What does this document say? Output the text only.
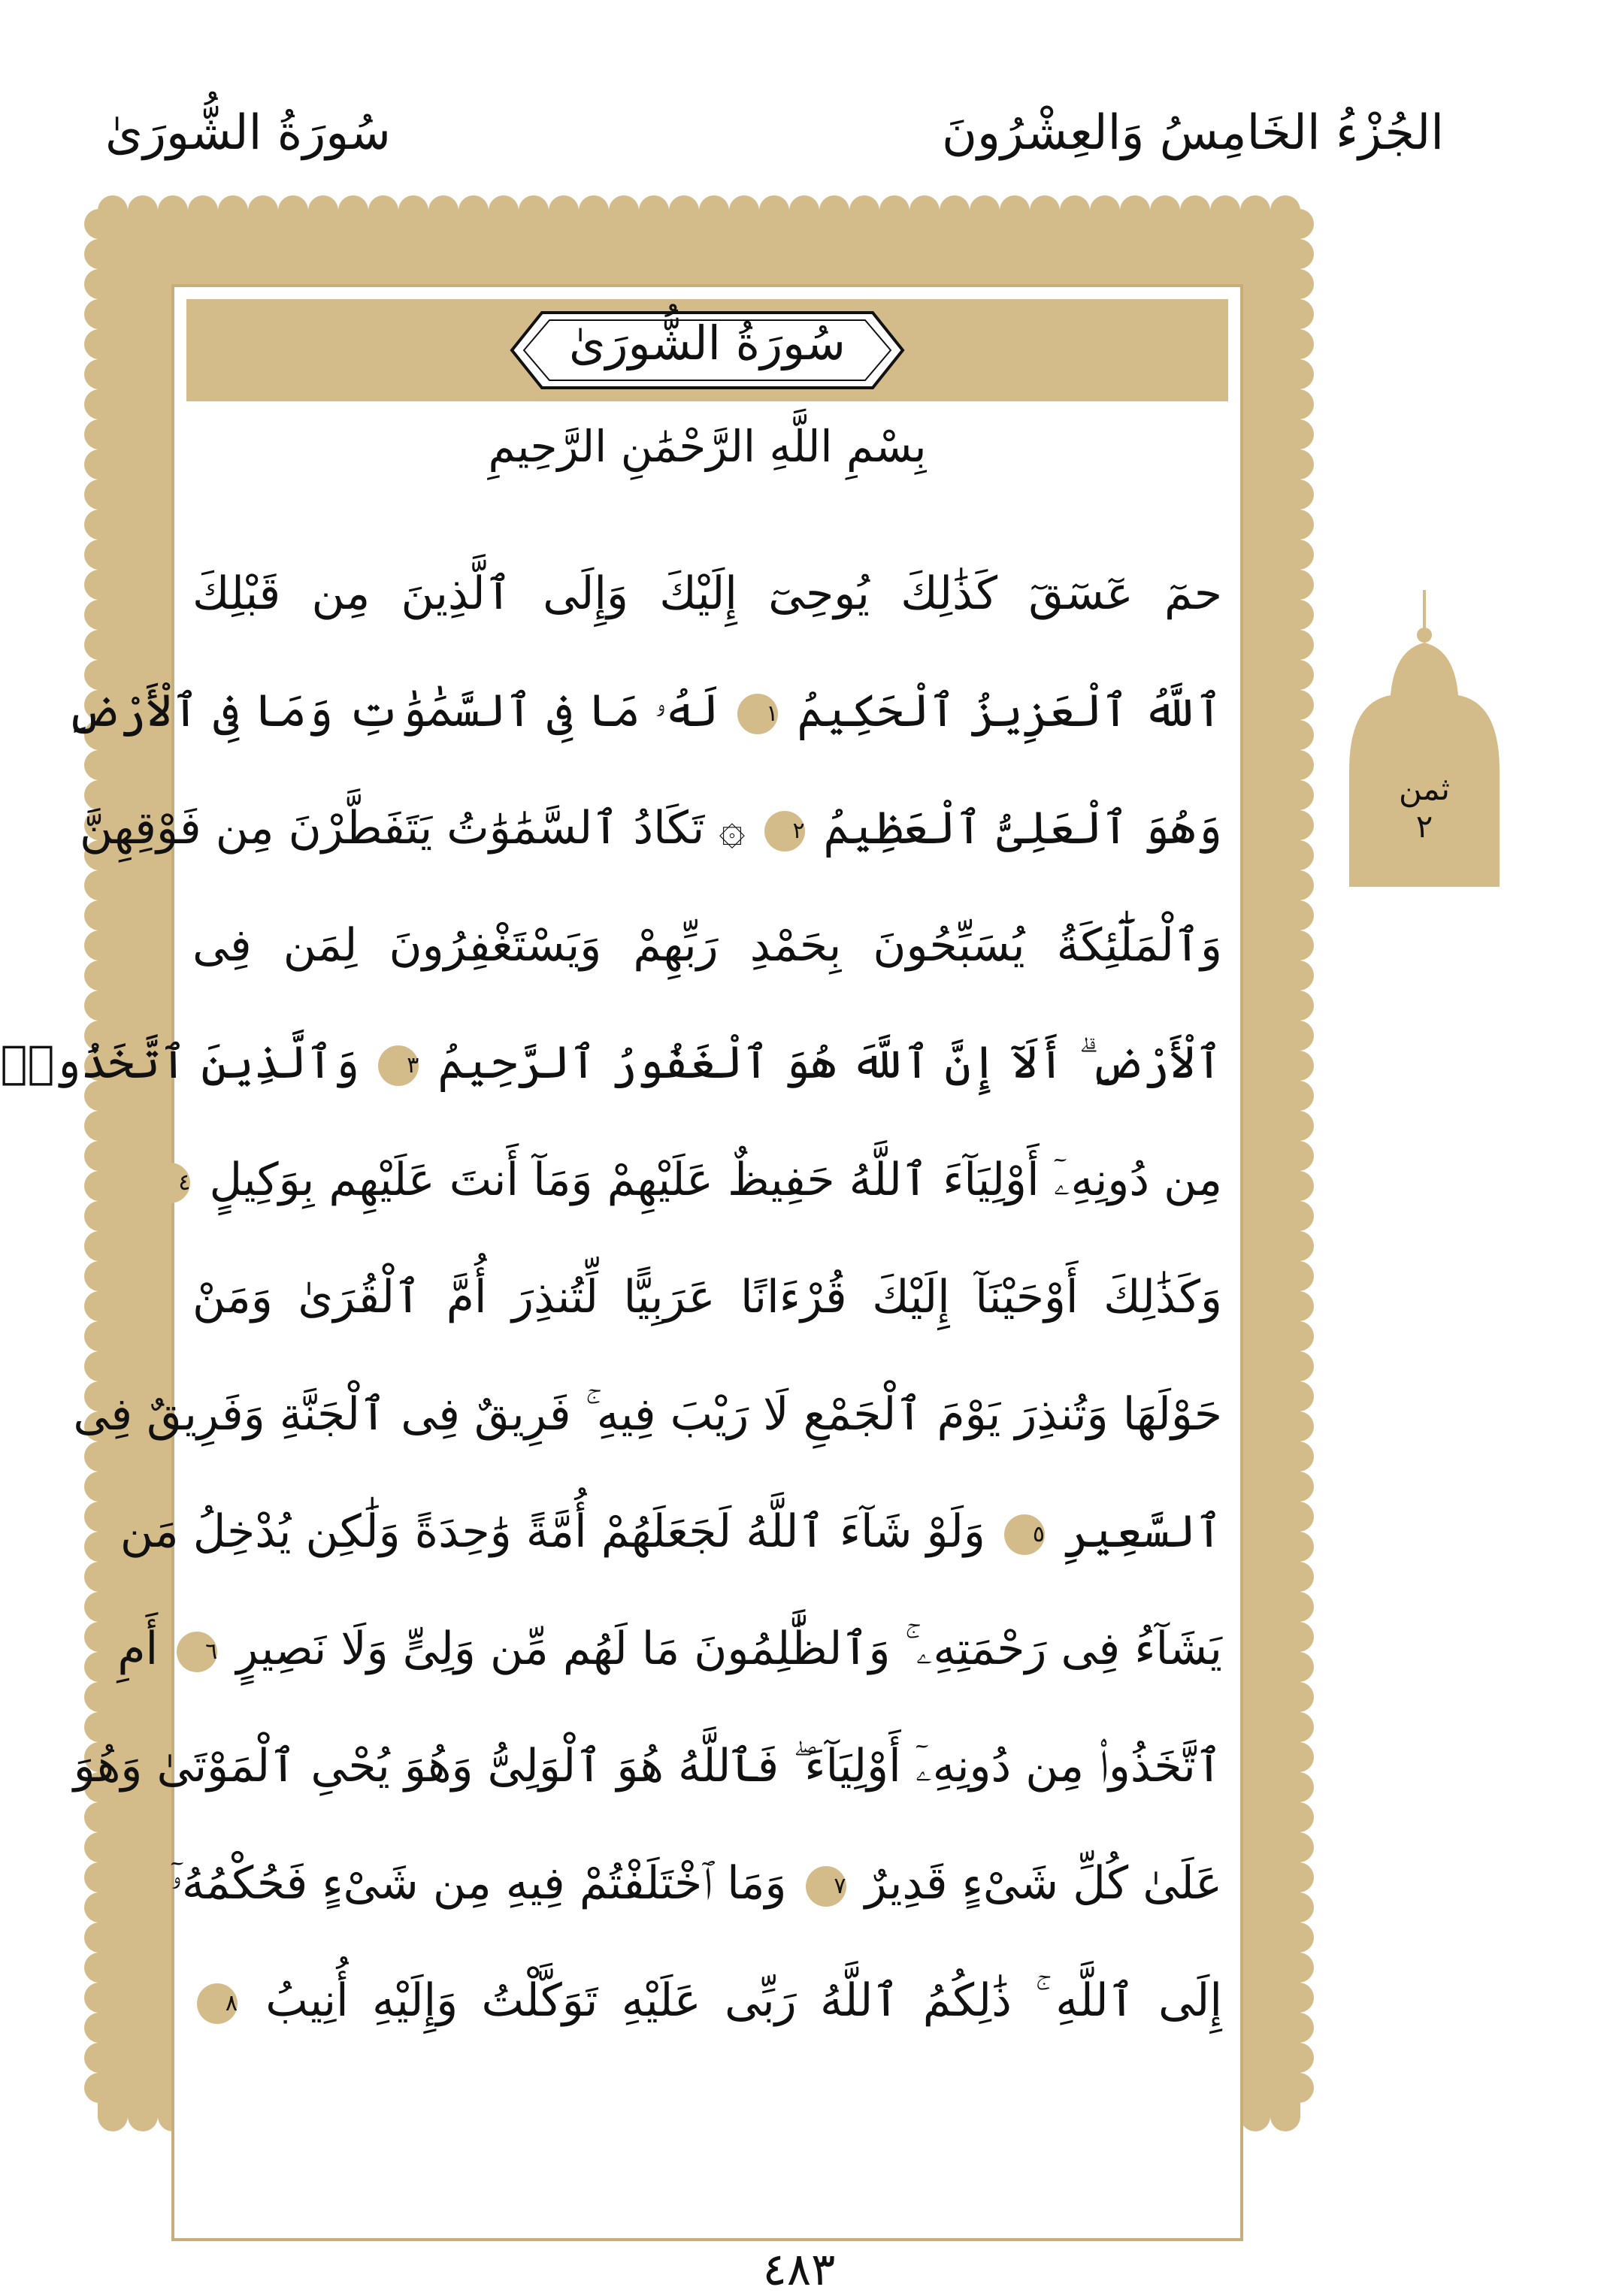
الجُزْءُ الخَامِسُ وَالعِشْرُونَ
سُورَةُ الشُّورَىٰ
سُورَةُ الشُّورَىٰ
بِسْمِ اللَّهِ الرَّحْمَٰنِ الرَّحِيمِ
حمٓ عٓسٓقٓ كَذَٰلِكَ يُوحِىٓ إِلَيْكَ وَإِلَى ٱلَّذِينَ مِن قَبْلِكَ
ٱللَّهُ ٱلْعَزِيزُ ٱلْحَكِيمُ ١ لَهُۥ مَا فِى ٱلسَّمَٰوَٰتِ وَمَا فِى ٱلْأَرْضِ
وَهُوَ ٱلْعَلِىُّ ٱلْعَظِيمُ ٢ ۞ تَكَادُ ٱلسَّمَٰوَٰتُ يَتَفَطَّرْنَ مِن فَوْقِهِنَّ
وَٱلْمَلَٰٓئِكَةُ يُسَبِّحُونَ بِحَمْدِ رَبِّهِمْ وَيَسْتَغْفِرُونَ لِمَن فِى
ٱلْأَرْضِ ۗ أَلَآ إِنَّ ٱللَّهَ هُوَ ٱلْغَفُورُ ٱلرَّحِيمُ ٣ وَٱلَّذِينَ ٱتَّخَذُوا۟
مِن دُونِهِۦٓ أَوْلِيَآءَ ٱللَّهُ حَفِيظٌ عَلَيْهِمْ وَمَآ أَنتَ عَلَيْهِم بِوَكِيلٍ ٤
وَكَذَٰلِكَ أَوْحَيْنَآ إِلَيْكَ قُرْءَانًا عَرَبِيًّا لِّتُنذِرَ أُمَّ ٱلْقُرَىٰ وَمَنْ
حَوْلَهَا وَتُنذِرَ يَوْمَ ٱلْجَمْعِ لَا رَيْبَ فِيهِ ۚ فَرِيقٌ فِى ٱلْجَنَّةِ وَفَرِيقٌ فِى
ٱلسَّعِيرِ ٥ وَلَوْ شَآءَ ٱللَّهُ لَجَعَلَهُمْ أُمَّةً وَٰحِدَةً وَلَٰكِن يُدْخِلُ مَن
يَشَآءُ فِى رَحْمَتِهِۦ ۚ وَٱلظَّٰلِمُونَ مَا لَهُم مِّن وَلِىٍّ وَلَا نَصِيرٍ ٦ أَمِ
ٱتَّخَذُوا۟ مِن دُونِهِۦٓ أَوْلِيَآءَ ۖ فَٱللَّهُ هُوَ ٱلْوَلِىُّ وَهُوَ يُحْىِ ٱلْمَوْتَىٰ وَهُوَ
عَلَىٰ كُلِّ شَىْءٍ قَدِيرٌ ٧ وَمَا ٱخْتَلَفْتُمْ فِيهِ مِن شَىْءٍ فَحُكْمُهُۥٓ
إِلَى ٱللَّهِ ۚ ذَٰلِكُمُ ٱللَّهُ رَبِّى عَلَيْهِ تَوَكَّلْتُ وَإِلَيْهِ أُنِيبُ ٨
ثمن
٢
٤٨٣
